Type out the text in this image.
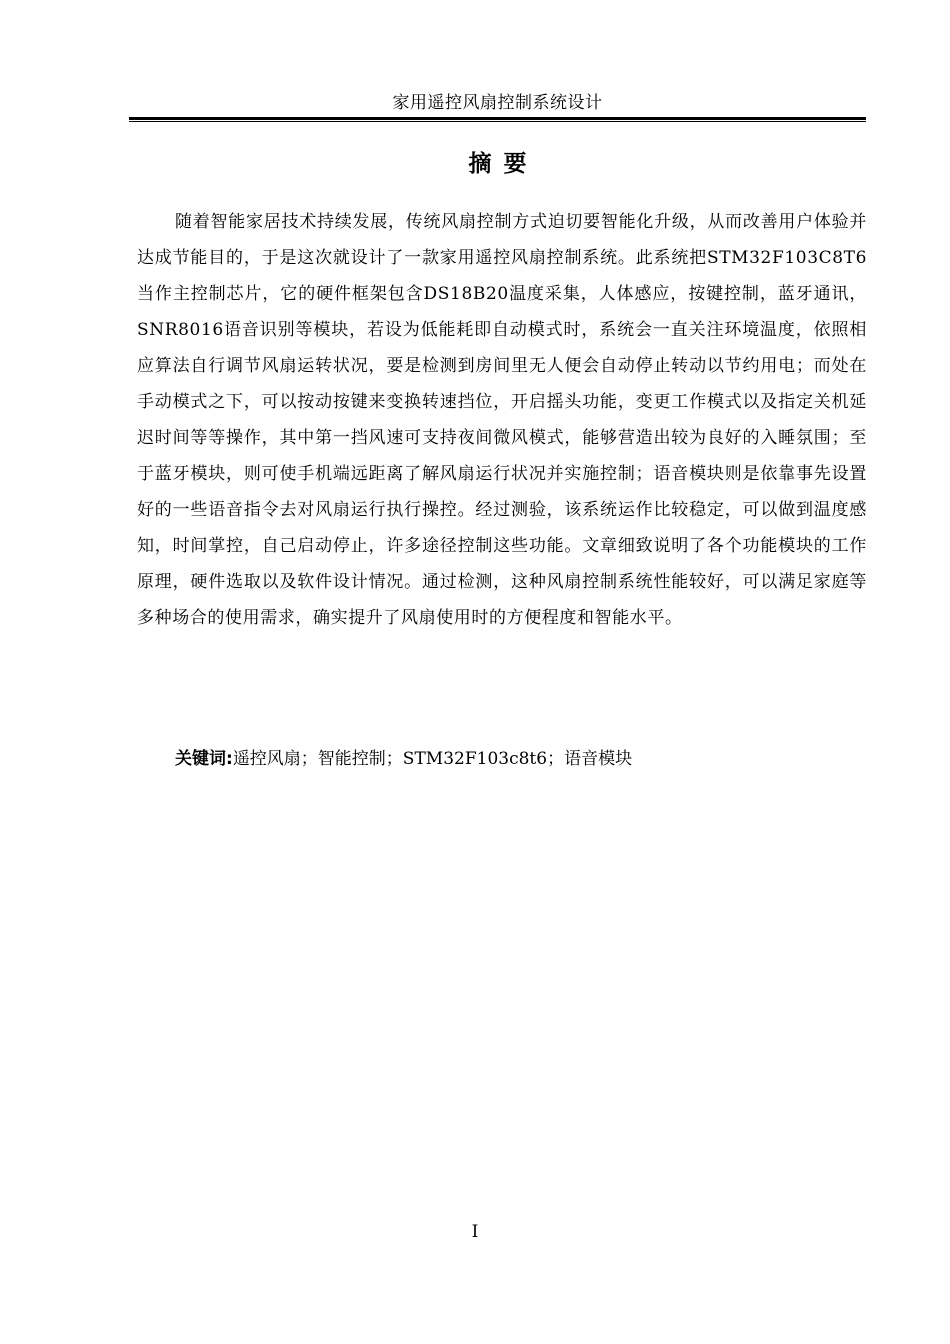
家用遥控风扇控制系统设计
摘要

随着智能家居技术持续发展，传统风扇控制方式迫切要智能化升级，从而改善用户体验并达成节能目的，于是这次就设计了一款家用遥控风扇控制系统。此系统把STM32F103C8T6当作主控制芯片，它的硬件框架包含DS18B20温度采集，人体感应，按键控制，蓝牙通讯，SNR8016语音识别等模块，若设为低能耗即自动模式时，系统会一直关注环境温度，依照相应算法自行调节风扇运转状况，要是检测到房间里无人便会自动停止转动以节约用电；而处在手动模式之下，可以按动按键来变换转速挡位，开启摇头功能，变更工作模式以及指定关机延迟时间等等操作，其中第一挡风速可支持夜间微风模式，能够营造出较为良好的入睡氛围；至于蓝牙模块，则可使手机端远距离了解风扇运行状况并实施控制；语音模块则是依靠事先设置好的一些语音指令去对风扇运行执行操控。经过测验，该系统运作比较稳定，可以做到温度感知，时间掌控，自己启动停止，许多途径控制这些功能。文章细致说明了各个功能模块的工作原理，硬件选取以及软件设计情况。通过检测，这种风扇控制系统性能较好，可以满足家庭等多种场合的使用需求，确实提升了风扇使用时的方便程度和智能水平。

关键词:遥控风扇；智能控制；STM32F103c8t6；语音模块
I
